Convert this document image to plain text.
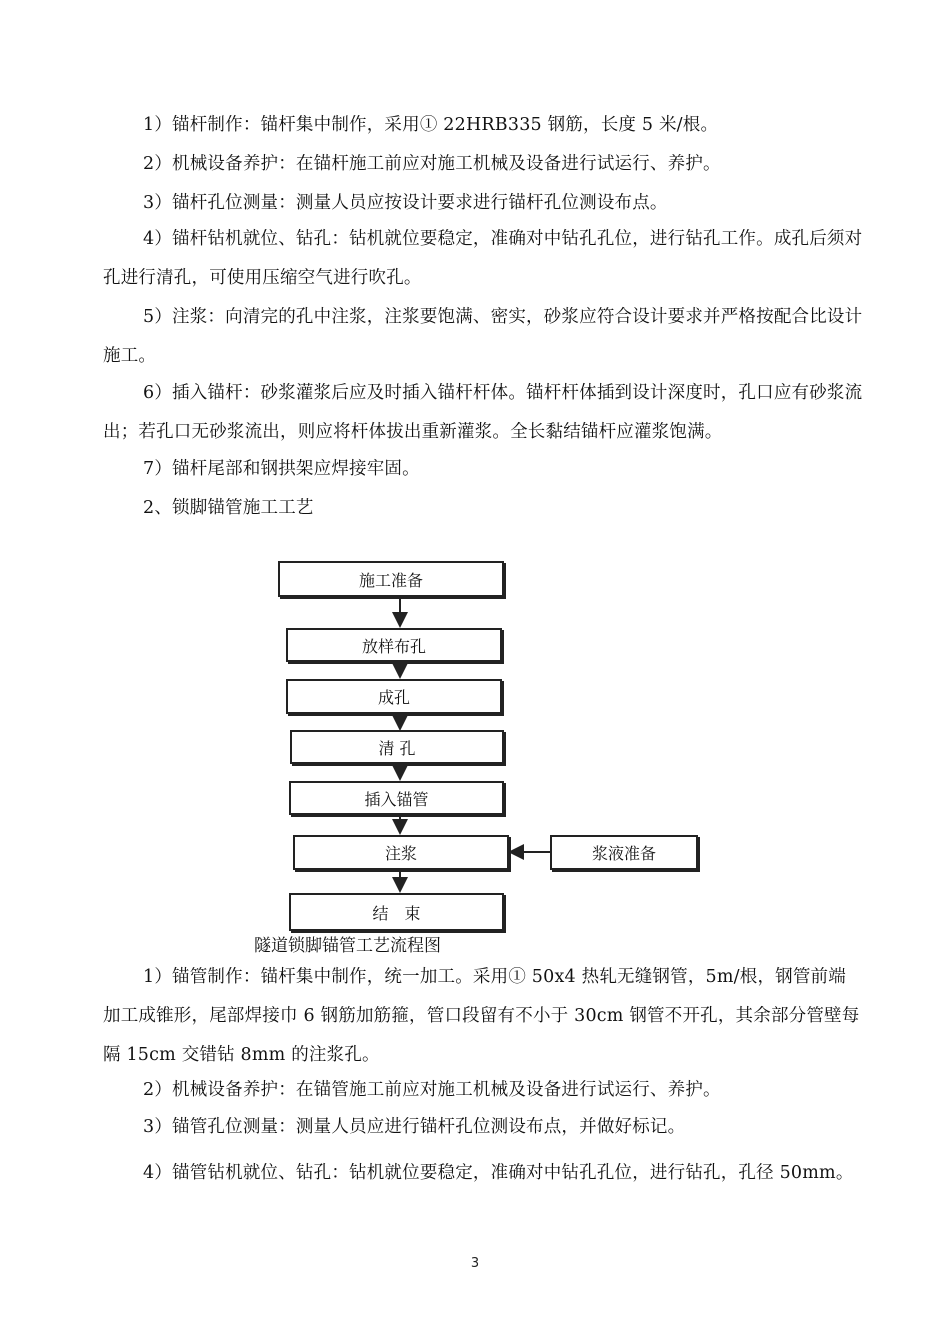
1）锚杆制作：锚杆集中制作，采用① 22HRB335 钢筋，长度 5 米/根。

2）机械设备养护：在锚杆施工前应对施工机械及设备进行试运行、养护。

3）锚杆孔位测量：测量人员应按设计要求进行锚杆孔位测设布点。

4）锚杆钻机就位、钻孔：钻机就位要稳定，准确对中钻孔孔位，进行钻孔工作。成孔后须对孔进行清孔，可使用压缩空气进行吹孔。

5）注浆：向清完的孔中注浆，注浆要饱满、密实，砂浆应符合设计要求并严格按配合比设计施工。

6）插入锚杆：砂浆灌浆后应及时插入锚杆杆体。锚杆杆体插到设计深度时，孔口应有砂浆流出；若孔口无砂浆流出，则应将杆体拔出重新灌浆。全长黏结锚杆应灌浆饱满。

7）锚杆尾部和钢拱架应焊接牢固。

2、锁脚锚管施工工艺

施工准备
放样布孔
成孔
清 孔
插入锚管
注浆	浆液准备
结　束

隧道锁脚锚管工艺流程图

1）锚管制作：锚杆集中制作，统一加工。采用① 50x4 热轧无缝钢管，5m/根，钢管前端加工成锥形，尾部焊接巾 6 钢筋加筋箍，管口段留有不小于 30cm 钢管不开孔，其余部分管壁每隔 15cm 交错钻 8mm 的注浆孔。

2）机械设备养护：在锚管施工前应对施工机械及设备进行试运行、养护。

3）锚管孔位测量：测量人员应进行锚杆孔位测设布点，并做好标记。

4）锚管钻机就位、钻孔：钻机就位要稳定，准确对中钻孔孔位，进行钻孔，孔径 50mm。

3
